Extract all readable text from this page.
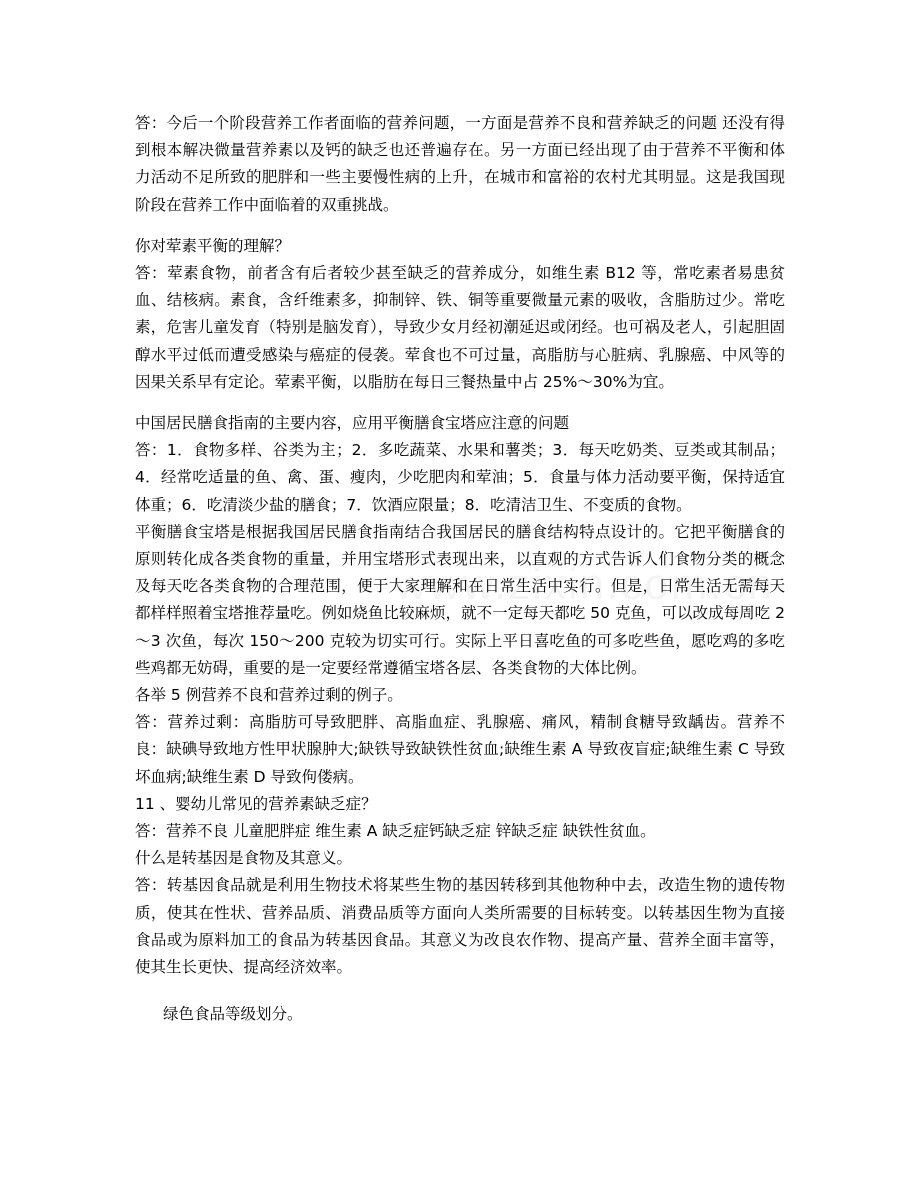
答：今后一个阶段营养工作者面临的营养问题，一方面是营养不良和营养缺乏的问题 还没有得到根本解决微量营养素以及钙的缺乏也还普遍存在。另一方面已经出现了由于营养不平衡和体力活动不足所致的肥胖和一些主要慢性病的上升，在城市和富裕的农村尤其明显。这是我国现阶段在营养工作中面临着的双重挑战。

你对荤素平衡的理解？

答：荤素食物，前者含有后者较少甚至缺乏的营养成分，如维生素 B12 等，常吃素者易患贫血、结核病。素食，含纤维素多，抑制锌、铁、铜等重要微量元素的吸收，含脂肪过少。常吃素，危害儿童发育（特别是脑发育），导致少女月经初潮延迟或闭经。也可祸及老人，引起胆固醇水平过低而遭受感染与癌症的侵袭。荤食也不可过量，高脂肪与心脏病、乳腺癌、中风等的因果关系早有定论。荤素平衡，以脂肪在每日三餐热量中占 25%～30%为宜。

中国居民膳食指南的主要内容，应用平衡膳食宝塔应注意的问题

答：1．食物多样、谷类为主；2．多吃蔬菜、水果和薯类；3．每天吃奶类、豆类或其制品；4．经常吃适量的鱼、禽、蛋、瘦肉，少吃肥肉和荤油；5．食量与体力活动要平衡，保持适宜体重；6．吃清淡少盐的膳食；7．饮酒应限量；8．吃清洁卫生、不变质的食物。

平衡膳食宝塔是根据我国居民膳食指南结合我国居民的膳食结构特点设计的。它把平衡膳食的原则转化成各类食物的重量，并用宝塔形式表现出来，以直观的方式告诉人们食物分类的概念及每天吃各类食物的合理范围，便于大家理解和在日常生活中实行。但是，日常生活无需每天都样样照着宝塔推荐量吃。例如烧鱼比较麻烦，就不一定每天都吃 50 克鱼，可以改成每周吃 2～3 次鱼，每次 150～200 克较为切实可行。实际上平日喜吃鱼的可多吃些鱼，愿吃鸡的多吃些鸡都无妨碍，重要的是一定要经常遵循宝塔各层、各类食物的大体比例。

各举 5 例营养不良和营养过剩的例子。

答：营养过剩：高脂肪可导致肥胖、高脂血症、乳腺癌、痛风，精制食糖导致龋齿。营养不良：缺碘导致地方性甲状腺肿大;缺铁导致缺铁性贫血;缺维生素 A 导致夜盲症;缺维生素 C 导致坏血病;缺维生素 D 导致佝偻病。

11 、婴幼儿常见的营养素缺乏症？

答：营养不良 儿童肥胖症 维生素 A 缺乏症钙缺乏症 锌缺乏症 缺铁性贫血。

什么是转基因是食物及其意义。

答：转基因食品就是利用生物技术将某些生物的基因转移到其他物种中去，改造生物的遗传物质，使其在性状、营养品质、消费品质等方面向人类所需要的目标转变。以转基因生物为直接食品或为原料加工的食品为转基因食品。其意义为改良农作物、提高产量、营养全面丰富等，使其生长更快、提高经济效率。

绿色食品等级划分。
